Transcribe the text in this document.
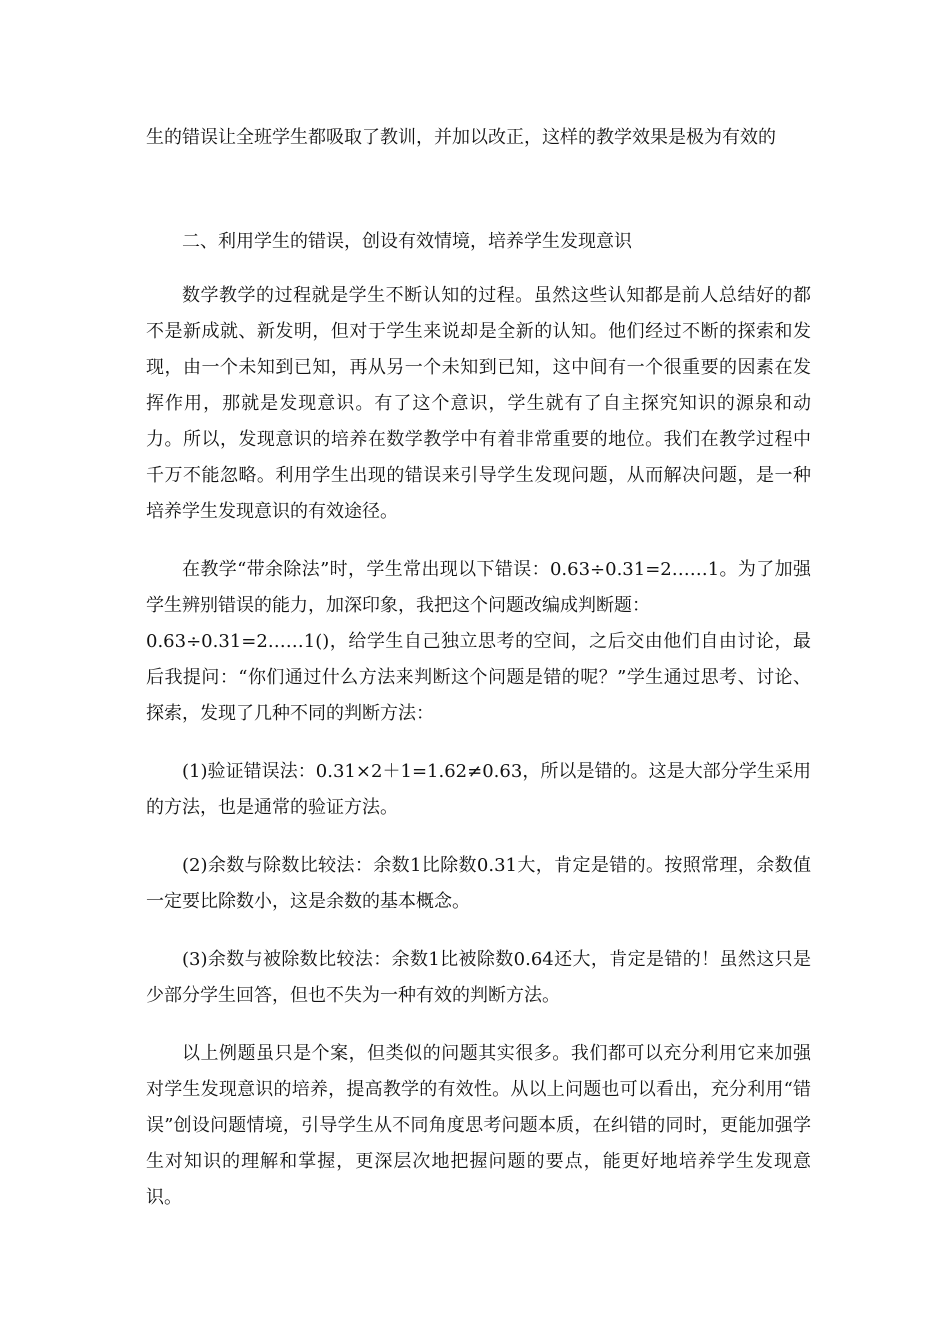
生的错误让全班学生都吸取了教训，并加以改正，这样的教学效果是极为有效的

二、利用学生的错误，创设有效情境，培养学生发现意识

数学教学的过程就是学生不断认知的过程。虽然这些认知都是前人总结好的都不是新成就、新发明，但对于学生来说却是全新的认知。他们经过不断的探索和发现，由一个未知到已知，再从另一个未知到已知，这中间有一个很重要的因素在发挥作用，那就是发现意识。有了这个意识，学生就有了自主探究知识的源泉和动力。所以，发现意识的培养在数学教学中有着非常重要的地位。我们在教学过程中千万不能忽略。利用学生出现的错误来引导学生发现问题，从而解决问题，是一种培养学生发现意识的有效途径。

在教学“带余除法”时，学生常出现以下错误：0.63÷0.31=2……1。为了加强学生辨别错误的能力，加深印象，我把这个问题改编成判断题：

0.63÷0.31=2……1()，给学生自己独立思考的空间，之后交由他们自由讨论，最后我提问：“你们通过什么方法来判断这个问题是错的呢？”学生通过思考、讨论、探索，发现了几种不同的判断方法：

(1)验证错误法：0.31×2＋1=1.62≠0.63，所以是错的。这是大部分学生采用的方法，也是通常的验证方法。

(2)余数与除数比较法：余数1比除数0.31大，肯定是错的。按照常理，余数值一定要比除数小，这是余数的基本概念。

(3)余数与被除数比较法：余数1比被除数0.64还大，肯定是错的！虽然这只是少部分学生回答，但也不失为一种有效的判断方法。

以上例题虽只是个案，但类似的问题其实很多。我们都可以充分利用它来加强对学生发现意识的培养，提高教学的有效性。从以上问题也可以看出，充分利用“错误”创设问题情境，引导学生从不同角度思考问题本质，在纠错的同时，更能加强学生对知识的理解和掌握，更深层次地把握问题的要点，能更好地培养学生发现意识。
